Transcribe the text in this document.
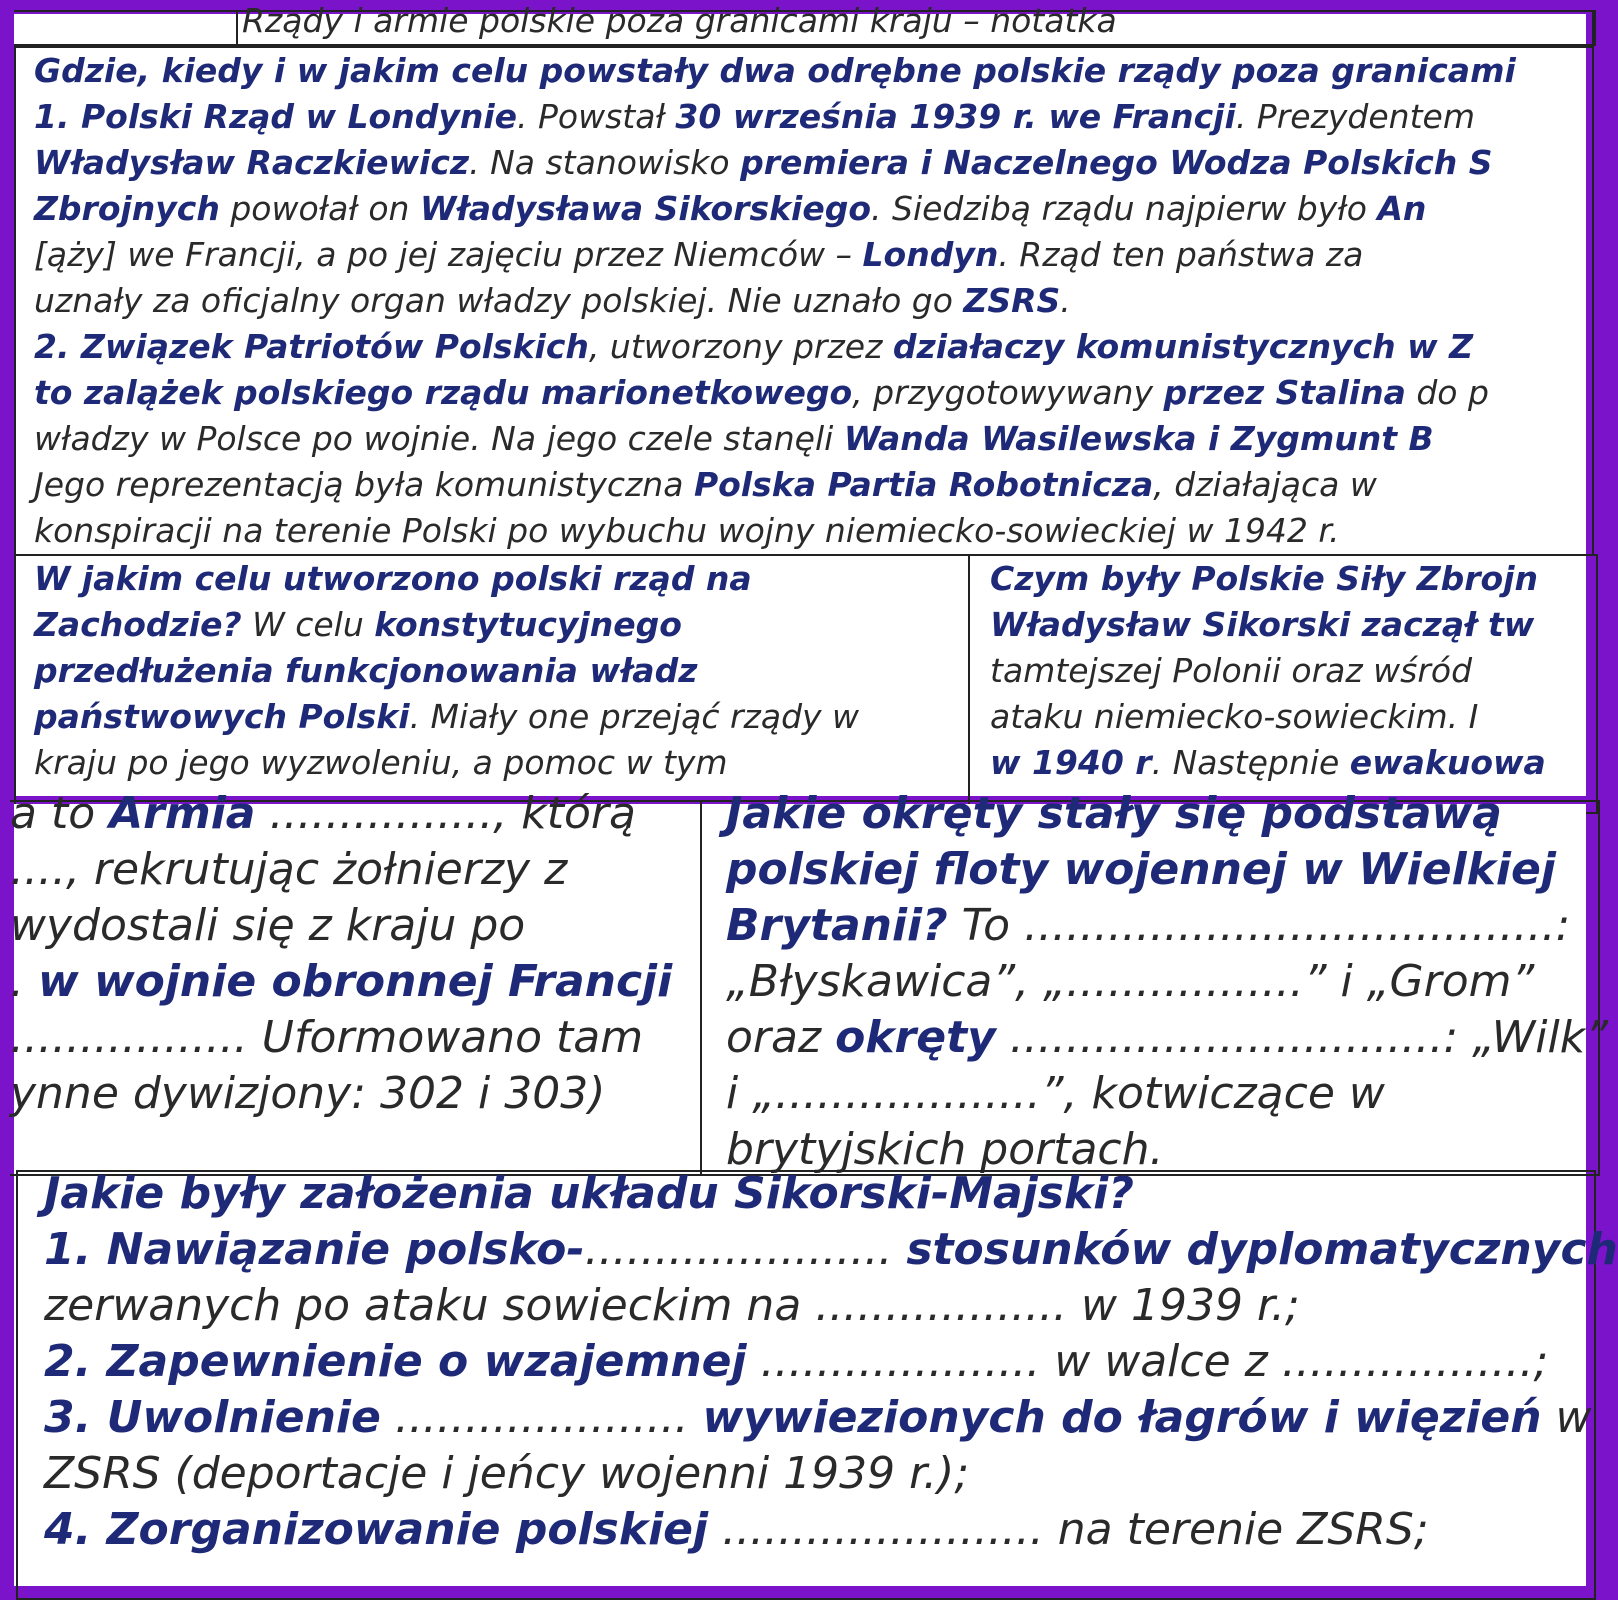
Rządy i armie polskie poza granicami kraju – notatka
Gdzie, kiedy i w jakim celu powstały dwa odrębne polskie rządy poza granicami
1. Polski Rząd w Londynie. Powstał 30 września 1939 r. we Francji. Prezydentem
Władysław Raczkiewicz. Na stanowisko premiera i Naczelnego Wodza Polskich S
Zbrojnych powołał on Władysława Sikorskiego. Siedzibą rządu najpierw było An
[ąży] we Francji, a po jej zajęciu przez Niemców – Londyn. Rząd ten państwa za
uznały za oficjalny organ władzy polskiej. Nie uznało go ZSRS.
2. Związek Patriotów Polskich, utworzony przez działaczy komunistycznych w Z
to zalążek polskiego rządu marionetkowego, przygotowywany przez Stalina do p
władzy w Polsce po wojnie. Na jego czele stanęli Wanda Wasilewska i Zygmunt B
Jego reprezentacją była komunistyczna Polska Partia Robotnicza, działająca w
konspiracji na terenie Polski po wybuchu wojny niemiecko-sowieckiej w 1942 r.
W jakim celu utworzono polski rząd na
Zachodzie? W celu konstytucyjnego
przedłużenia funkcjonowania władz
państwowych Polski. Miały one przejąć rządy w
kraju po jego wyzwoleniu, a pomoc w tym
Czym były Polskie Siły Zbrojn
Władysław Sikorski zaczął tw
tamtejszej Polonii oraz wśród
ataku niemiecko-sowieckim. I
w 1940 r. Następnie ewakuowa
a to Armia ................, którą
...., rekrutując żołnierzy z
wydostali się z kraju po
. w wojnie obronnej Francji
................. Uformowano tam
ynne dywizjony: 302 i 303)
Jakie okręty stały się podstawą
polskiej floty wojennej w Wielkiej
Brytanii? To ......................................:
„Błyskawica”, „.................” i „Grom”
oraz okręty ...............................: „Wilk”
i „...................”, kotwiczące w
brytyjskich portach.
Jakie były założenia układu Sikorski-Majski?
1. Nawiązanie polsko-...................... stosunków dyplomatycznych
zerwanych po ataku sowieckim na .................. w 1939 r.;
2. Zapewnienie o wzajemnej .................... w walce z ..................;
3. Uwolnienie ..................... wywiezionych do łagrów i więzień w
ZSRS (deportacje i jeńcy wojenni 1939 r.);
4. Zorganizowanie polskiej ....................... na terenie ZSRS;
